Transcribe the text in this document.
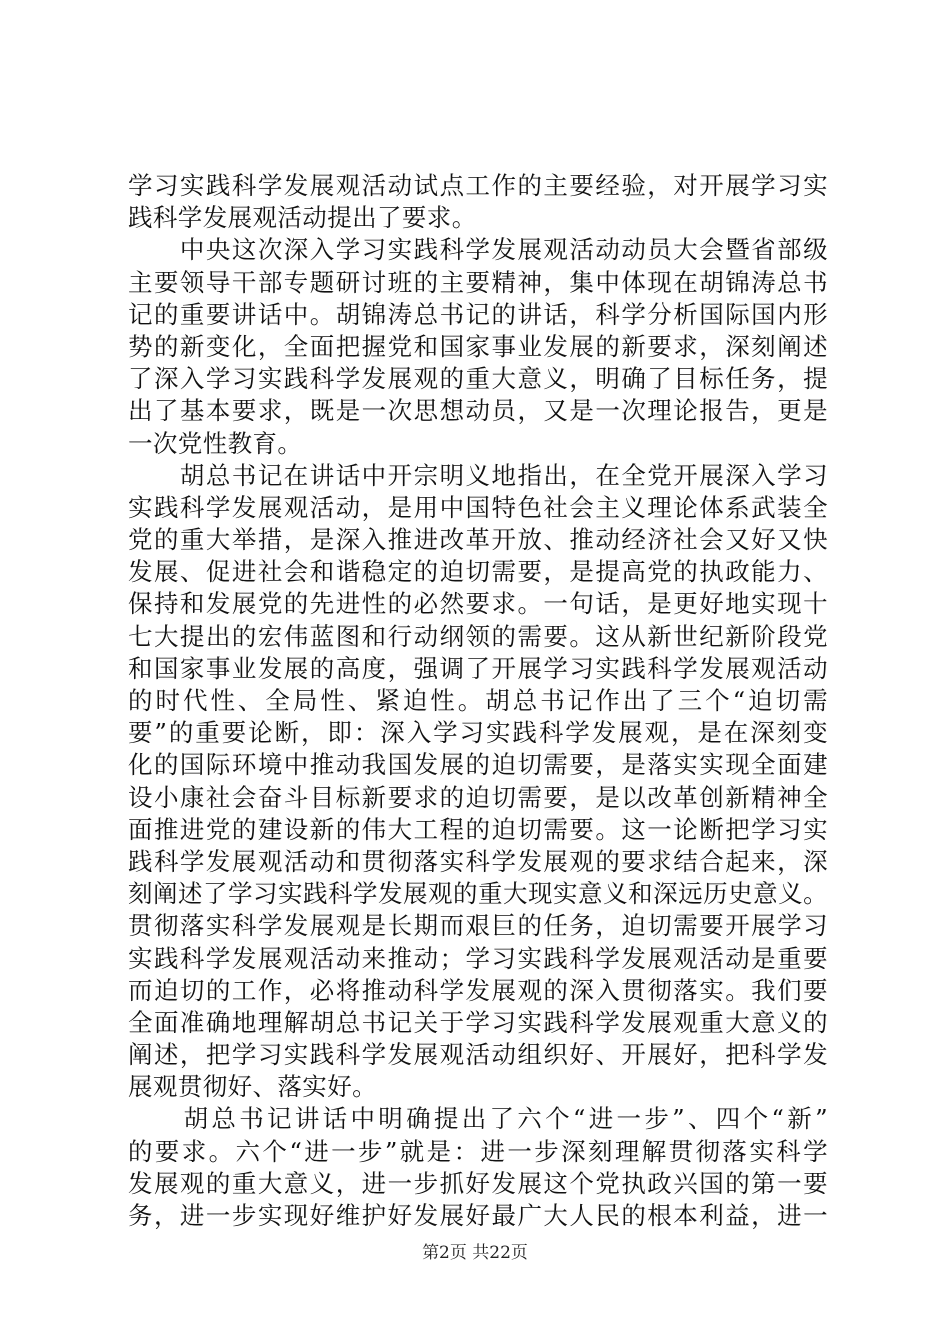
学习实践科学发展观活动试点工作的主要经验，对开展学习实
践科学发展观活动提出了要求。
　　中央这次深入学习实践科学发展观活动动员大会暨省部级
主要领导干部专题研讨班的主要精神，集中体现在胡锦涛总书
记的重要讲话中。胡锦涛总书记的讲话，科学分析国际国内形
势的新变化，全面把握党和国家事业发展的新要求，深刻阐述
了深入学习实践科学发展观的重大意义，明确了目标任务，提
出了基本要求，既是一次思想动员，又是一次理论报告，更是
一次党性教育。
　　胡总书记在讲话中开宗明义地指出，在全党开展深入学习
实践科学发展观活动，是用中国特色社会主义理论体系武装全
党的重大举措，是深入推进改革开放、推动经济社会又好又快
发展、促进社会和谐稳定的迫切需要，是提高党的执政能力、
保持和发展党的先进性的必然要求。一句话，是更好地实现十
七大提出的宏伟蓝图和行动纲领的需要。这从新世纪新阶段党
和国家事业发展的高度，强调了开展学习实践科学发展观活动
的时代性、全局性、紧迫性。胡总书记作出了三个“迫切需
要”的重要论断，即：深入学习实践科学发展观，是在深刻变
化的国际环境中推动我国发展的迫切需要，是落实实现全面建
设小康社会奋斗目标新要求的迫切需要，是以改革创新精神全
面推进党的建设新的伟大工程的迫切需要。这一论断把学习实
践科学发展观活动和贯彻落实科学发展观的要求结合起来，深
刻阐述了学习实践科学发展观的重大现实意义和深远历史意义。
贯彻落实科学发展观是长期而艰巨的任务，迫切需要开展学习
实践科学发展观活动来推动；学习实践科学发展观活动是重要
而迫切的工作，必将推动科学发展观的深入贯彻落实。我们要
全面准确地理解胡总书记关于学习实践科学发展观重大意义的
阐述，把学习实践科学发展观活动组织好、开展好，把科学发
展观贯彻好、落实好。
　　胡总书记讲话中明确提出了六个“进一步”、四个“新”
的要求。六个“进一步”就是：进一步深刻理解贯彻落实科学
发展观的重大意义，进一步抓好发展这个党执政兴国的第一要
务，进一步实现好维护好发展好最广大人民的根本利益，进一
第2页 共22页
